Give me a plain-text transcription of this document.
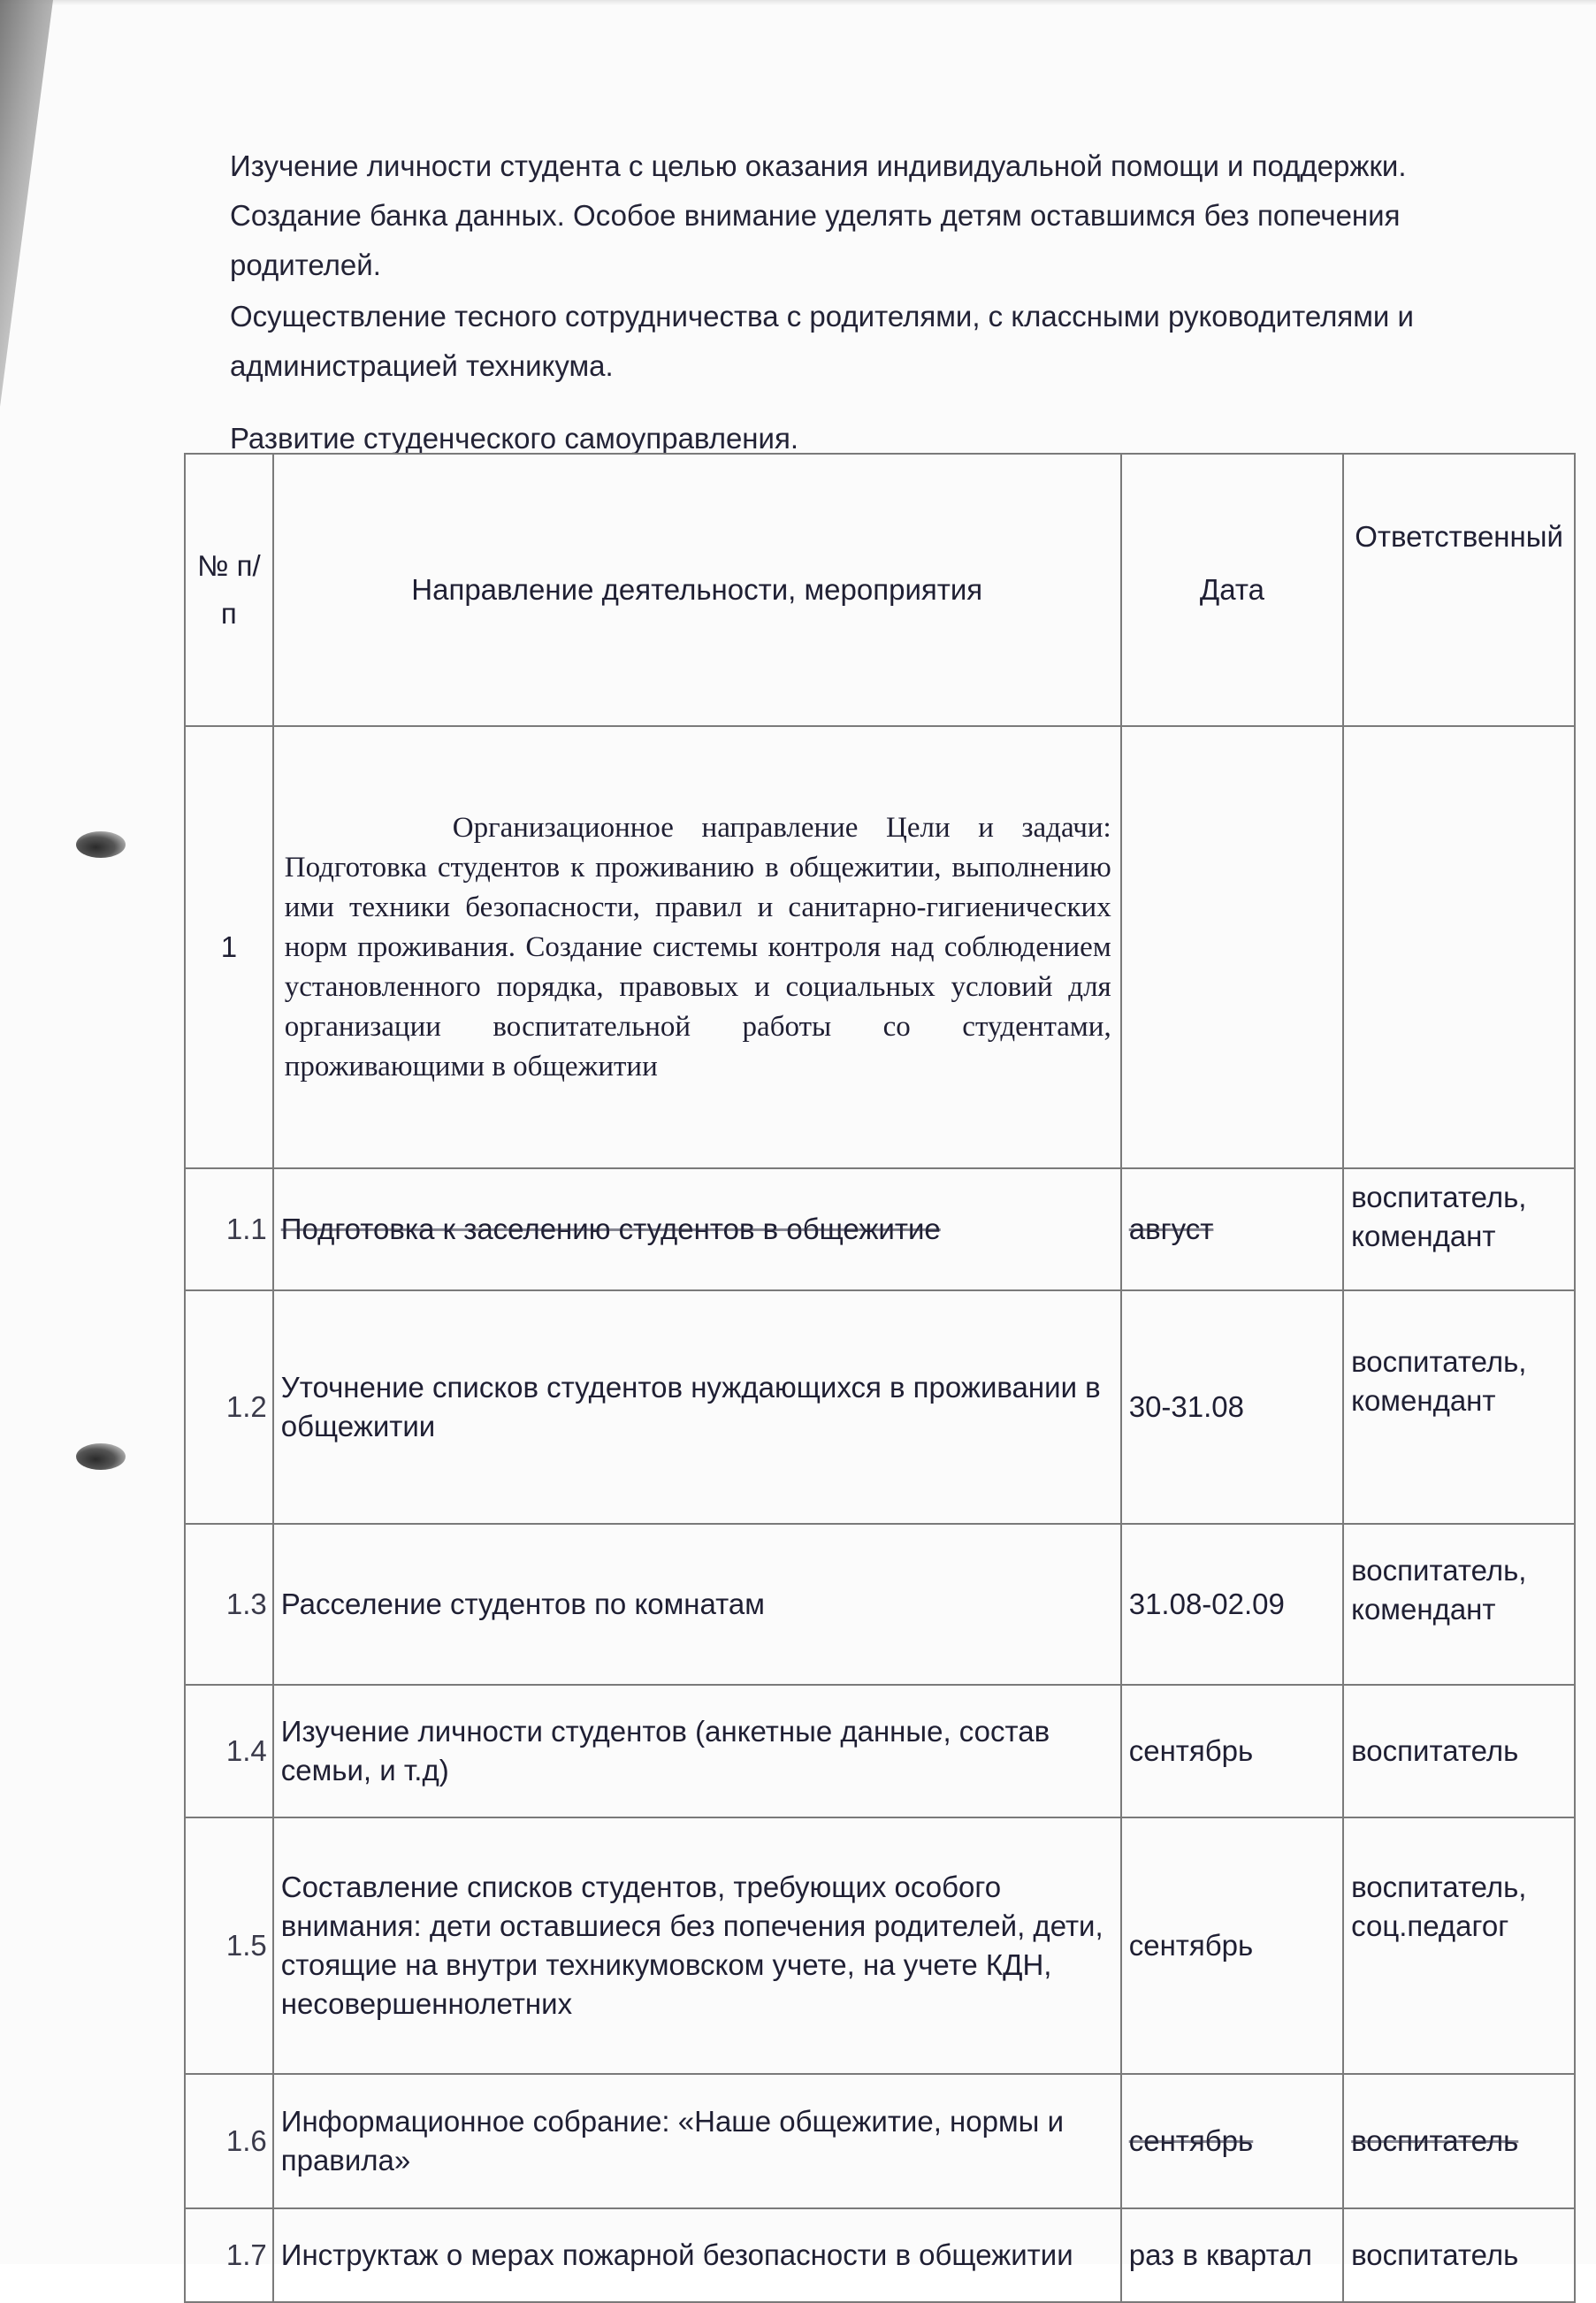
Изучение личности студента с целью оказания индивидуальной помощи и поддержки. Создание банка данных. Особое внимание уделять детям оставшимся без попечения родителей.

Осуществление тесного сотрудничества с родителями, с классными руководителями и администрацией техникума.

Развитие студенческого самоуправления.

№ п/п	Направление деятельности, мероприятия	Дата	Ответственный
1	Организационное направление Цели и задачи: Подготовка студентов к проживанию в общежитии, выполнению ими техники безопасности, правил и санитарно-гигиенических норм проживания. Создание системы контроля над соблюдением установленного порядка, правовых и социальных условий для организации воспитательной работы со студентами, проживающими в общежитии		
1.1	Подготовка к заселению студентов в общежитие	август	воспитатель, комендант
1.2	Уточнение списков студентов нуждающихся в проживании в общежитии	30-31.08	воспитатель, комендант
1.3	Расселение студентов по комнатам	31.08-02.09	воспитатель, комендант
1.4	Изучение личности студентов (анкетные данные, состав семьи, и т.д)	сентябрь	воспитатель
1.5	Составление списков студентов, требующих особого внимания: дети оставшиеся без попечения родителей, дети, стоящие на внутри техникумовском учете, на учете КДН, несовершеннолетних	сентябрь	воспитатель, соц.педагог
1.6	Информационное собрание: «Наше общежитие, нормы и правила»	сентябрь	воспитатель
1.7	Инструктаж о мерах пожарной безопасности в общежитии	раз в квартал	воспитатель
